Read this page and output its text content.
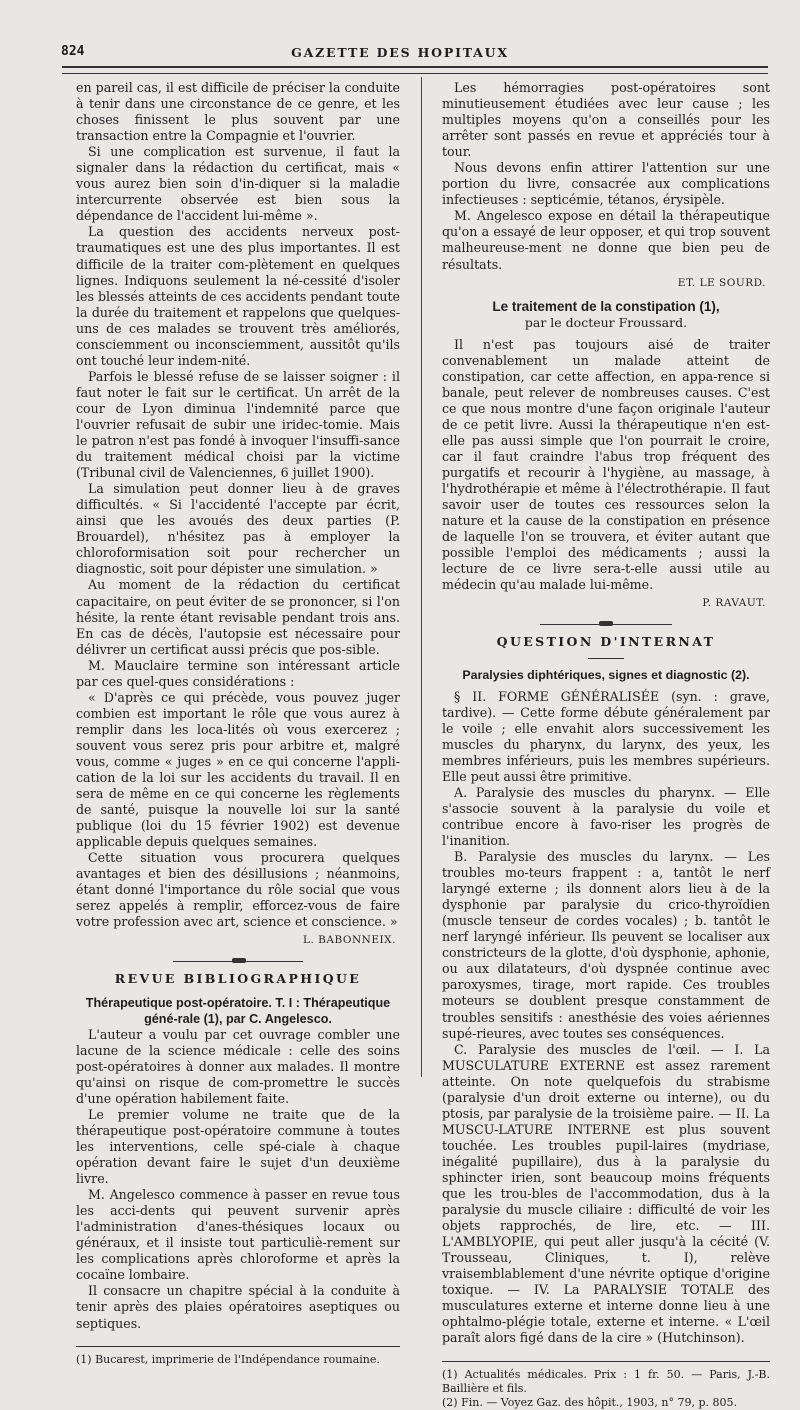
824	GAZETTE DES HOPITAUX

en pareil cas, il est difficile de préciser la conduite à tenir dans une circonstance de ce genre, et les choses finissent le plus souvent par une transaction entre la Compagnie et l'ouvrier.

Si une complication est survenue, il faut la signaler dans la rédaction du certificat, mais « vous aurez bien soin d'in-diquer si la maladie intercurrente observée est bien sous la dépendance de l'accident lui-même ».

La question des accidents nerveux post-traumatiques est une des plus importantes. Il est difficile de la traiter com-plètement en quelques lignes. Indiquons seulement la né-cessité d'isoler les blessés atteints de ces accidents pendant toute la durée du traitement et rappelons que quelques-uns de ces malades se trouvent très améliorés, consciemment ou inconsciemment, aussitôt qu'ils ont touché leur indem-nité.

Parfois le blessé refuse de se laisser soigner : il faut noter le fait sur le certificat. Un arrêt de la cour de Lyon diminua l'indemnité parce que l'ouvrier refusait de subir une iridec-tomie. Mais le patron n'est pas fondé à invoquer l'insuffi-sance du traitement médical choisi par la victime (Tribunal civil de Valenciennes, 6 juillet 1900).

La simulation peut donner lieu à de graves difficultés. « Si l'accidenté l'accepte par écrit, ainsi que les avoués des deux parties (P. Brouardel), n'hésitez pas à employer la chloroformisation soit pour rechercher un diagnostic, soit pour dépister une simulation. »

Au moment de la rédaction du certificat capacitaire, on peut éviter de se prononcer, si l'on hésite, la rente étant revisable pendant trois ans. En cas de décès, l'autopsie est nécessaire pour délivrer un certificat aussi précis que pos-sible.

M. Mauclaire termine son intéressant article par ces quel-ques considérations :

« D'après ce qui précède, vous pouvez juger combien est important le rôle que vous aurez à remplir dans les loca-lités où vous exercerez ; souvent vous serez pris pour arbitre et, malgré vous, comme « juges » en ce qui concerne l'appli-cation de la loi sur les accidents du travail. Il en sera de même en ce qui concerne les règlements de santé, puisque la nouvelle loi sur la santé publique (loi du 15 février 1902) est devenue applicable depuis quelques semaines.

Cette situation vous procurera quelques avantages et bien des désillusions ; néanmoins, étant donné l'importance du rôle social que vous serez appelés à remplir, efforcez-vous de faire votre profession avec art, science et conscience. »

L. BABONNEIX.
REVUE BIBLIOGRAPHIQUE

Thérapeutique post-opératoire. T. I : Thérapeutique géné-rale (1), par C. Angelesco.

L'auteur a voulu par cet ouvrage combler une lacune de la science médicale : celle des soins post-opératoires à donner aux malades. Il montre qu'ainsi on risque de com-promettre le succès d'une opération habilement faite.

Le premier volume ne traite que de la thérapeutique post-opératoire commune à toutes les interventions, celle spé-ciale à chaque opération devant faire le sujet d'un deuxième livre.

M. Angelesco commence à passer en revue tous les acci-dents qui peuvent survenir après l'administration d'anes-thésiques locaux ou généraux, et il insiste tout particuliè-rement sur les complications après chloroforme et après la cocaïne lombaire.

Il consacre un chapitre spécial à la conduite à tenir après des plaies opératoires aseptiques ou septiques.

(1) Bucarest, imprimerie de l'Indépendance roumaine.

Les hémorragies post-opératoires sont minutieusement étudiées avec leur cause ; les multiples moyens qu'on a conseillés pour les arrêter sont passés en revue et appréciés tour à tour.

Nous devons enfin attirer l'attention sur une portion du livre, consacrée aux complications infectieuses : septicémie, tétanos, érysipèle.

M. Angelesco expose en détail la thérapeutique qu'on a essayé de leur opposer, et qui trop souvent malheureuse-ment ne donne que bien peu de résultats.

ET. LE SOURD.
Le traitement de la constipation (1),
par le docteur Froussard.

Il n'est pas toujours aisé de traiter convenablement un malade atteint de constipation, car cette affection, en appa-rence si banale, peut relever de nombreuses causes. C'est ce que nous montre d'une façon originale l'auteur de ce petit livre. Aussi la thérapeutique n'en est-elle pas aussi simple que l'on pourrait le croire, car il faut craindre l'abus trop fréquent des purgatifs et recourir à l'hygiène, au massage, à l'hydrothérapie et même à l'électrothérapie. Il faut savoir user de toutes ces ressources selon la nature et la cause de la constipation en présence de laquelle l'on se trouvera, et éviter autant que possible l'emploi des médicaments ; aussi la lecture de ce livre sera-t-elle aussi utile au médecin qu'au malade lui-même.

P. RAVAUT.
QUESTION D'INTERNAT
Paralysies diphtériques, signes et diagnostic (2).

§ II. FORME GÉNÉRALISÉE (syn. : grave, tardive). — Cette forme débute généralement par le voile ; elle envahit alors successivement les muscles du pharynx, du larynx, des yeux, les membres inférieurs, puis les membres supérieurs. Elle peut aussi être primitive.

A. Paralysie des muscles du pharynx. — Elle s'associe souvent à la paralysie du voile et contribue encore à favo-riser les progrès de l'inanition.

B. Paralysie des muscles du larynx. — Les troubles mo-teurs frappent : a, tantôt le nerf laryngé externe ; ils donnent alors lieu à de la dysphonie par paralysie du crico-thyroïdien (muscle tenseur de cordes vocales) ; b. tantôt le nerf laryngé inférieur. Ils peuvent se localiser aux constricteurs de la glotte, d'où dysphonie, aphonie, ou aux dilatateurs, d'où dyspnée continue avec paroxysmes, tirage, mort rapide. Ces troubles moteurs se doublent presque constamment de troubles sensitifs : anesthésie des voies aériennes supé-rieures, avec toutes ses conséquences.

C. Paralysie des muscles de l'œil. — I. La MUSCULATURE EXTERNE est assez rarement atteinte. On note quelquefois du strabisme (paralysie d'un droit externe ou interne), ou du ptosis, par paralysie de la troisième paire. — II. La MUSCU-LATURE INTERNE est plus souvent touchée. Les troubles pupil-laires (mydriase, inégalité pupillaire), dus à la paralysie du sphincter irien, sont beaucoup moins fréquents que les trou-bles de l'accommodation, dus à la paralysie du muscle ciliaire : difficulté de voir les objets rapprochés, de lire, etc. — III. L'AMBLYOPIE, qui peut aller jusqu'à la cécité (V. Trousseau, Cliniques, t. I), relève vraisemblablement d'une névrite optique d'origine toxique. — IV. La PARALYSIE TOTALE des musculatures externe et interne donne lieu à une ophtalmo-plégie totale, externe et interne. « L'œil paraît alors figé dans de la cire » (Hutchinson).

(1) Actualités médicales. Prix : 1 fr. 50. — Paris, J.-B. Baillière et fils.

(2) Fin. — Voyez Gaz. des hôpit., 1903, n° 79, p. 805.
